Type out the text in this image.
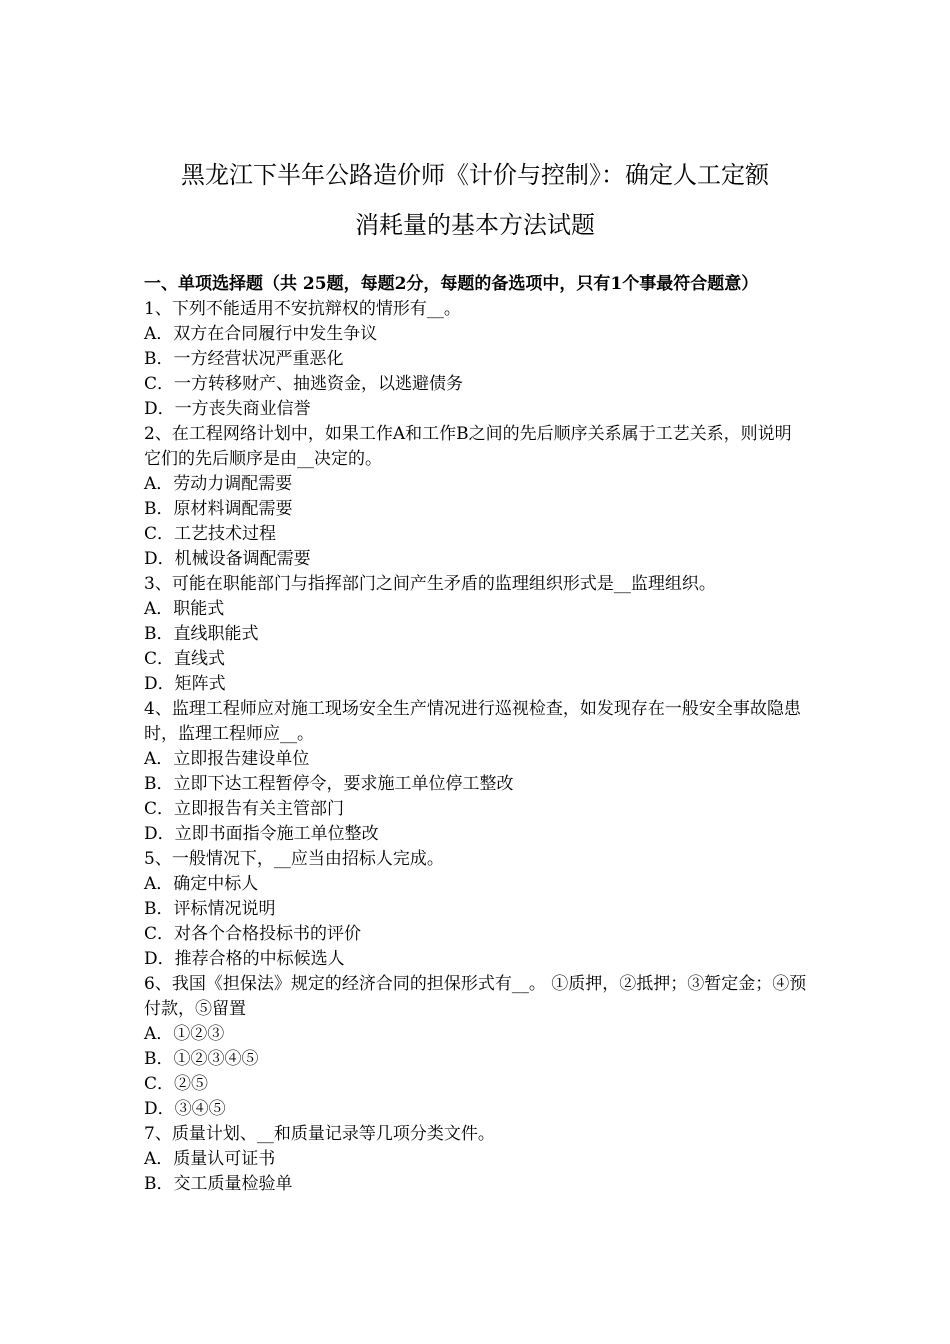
黑龙江下半年公路造价师《计价与控制》：确定人工定额
消耗量的基本方法试题

一、单项选择题（共 25题，每题2分，每题的备选项中，只有1个事最符合题意）

1、下列不能适用不安抗辩权的情形有__。

A．双方在合同履行中发生争议

B．一方经营状况严重恶化

C．一方转移财产、抽逃资金，以逃避债务

D．一方丧失商业信誉

2、在工程网络计划中，如果工作A和工作B之间的先后顺序关系属于工艺关系，则说明它们的先后顺序是由__决定的。

A．劳动力调配需要

B．原材料调配需要

C．工艺技术过程

D．机械设备调配需要

3、可能在职能部门与指挥部门之间产生矛盾的监理组织形式是__监理组织。

A．职能式

B．直线职能式

C．直线式

D．矩阵式

4、监理工程师应对施工现场安全生产情况进行巡视检查，如发现存在一般安全事故隐患时，监理工程师应__。

A．立即报告建设单位

B．立即下达工程暂停令，要求施工单位停工整改

C．立即报告有关主管部门

D．立即书面指令施工单位整改

5、一般情况下，__应当由招标人完成。

A．确定中标人

B．评标情况说明

C．对各个合格投标书的评价

D．推荐合格的中标候选人

6、我国《担保法》规定的经济合同的担保形式有__。 ①质押，②抵押；③暂定金；④预付款，⑤留置

A．①②③

B．①②③④⑤

C．②⑤

D．③④⑤

7、质量计划、__和质量记录等几项分类文件。

A．质量认可证书

B．交工质量检验单
